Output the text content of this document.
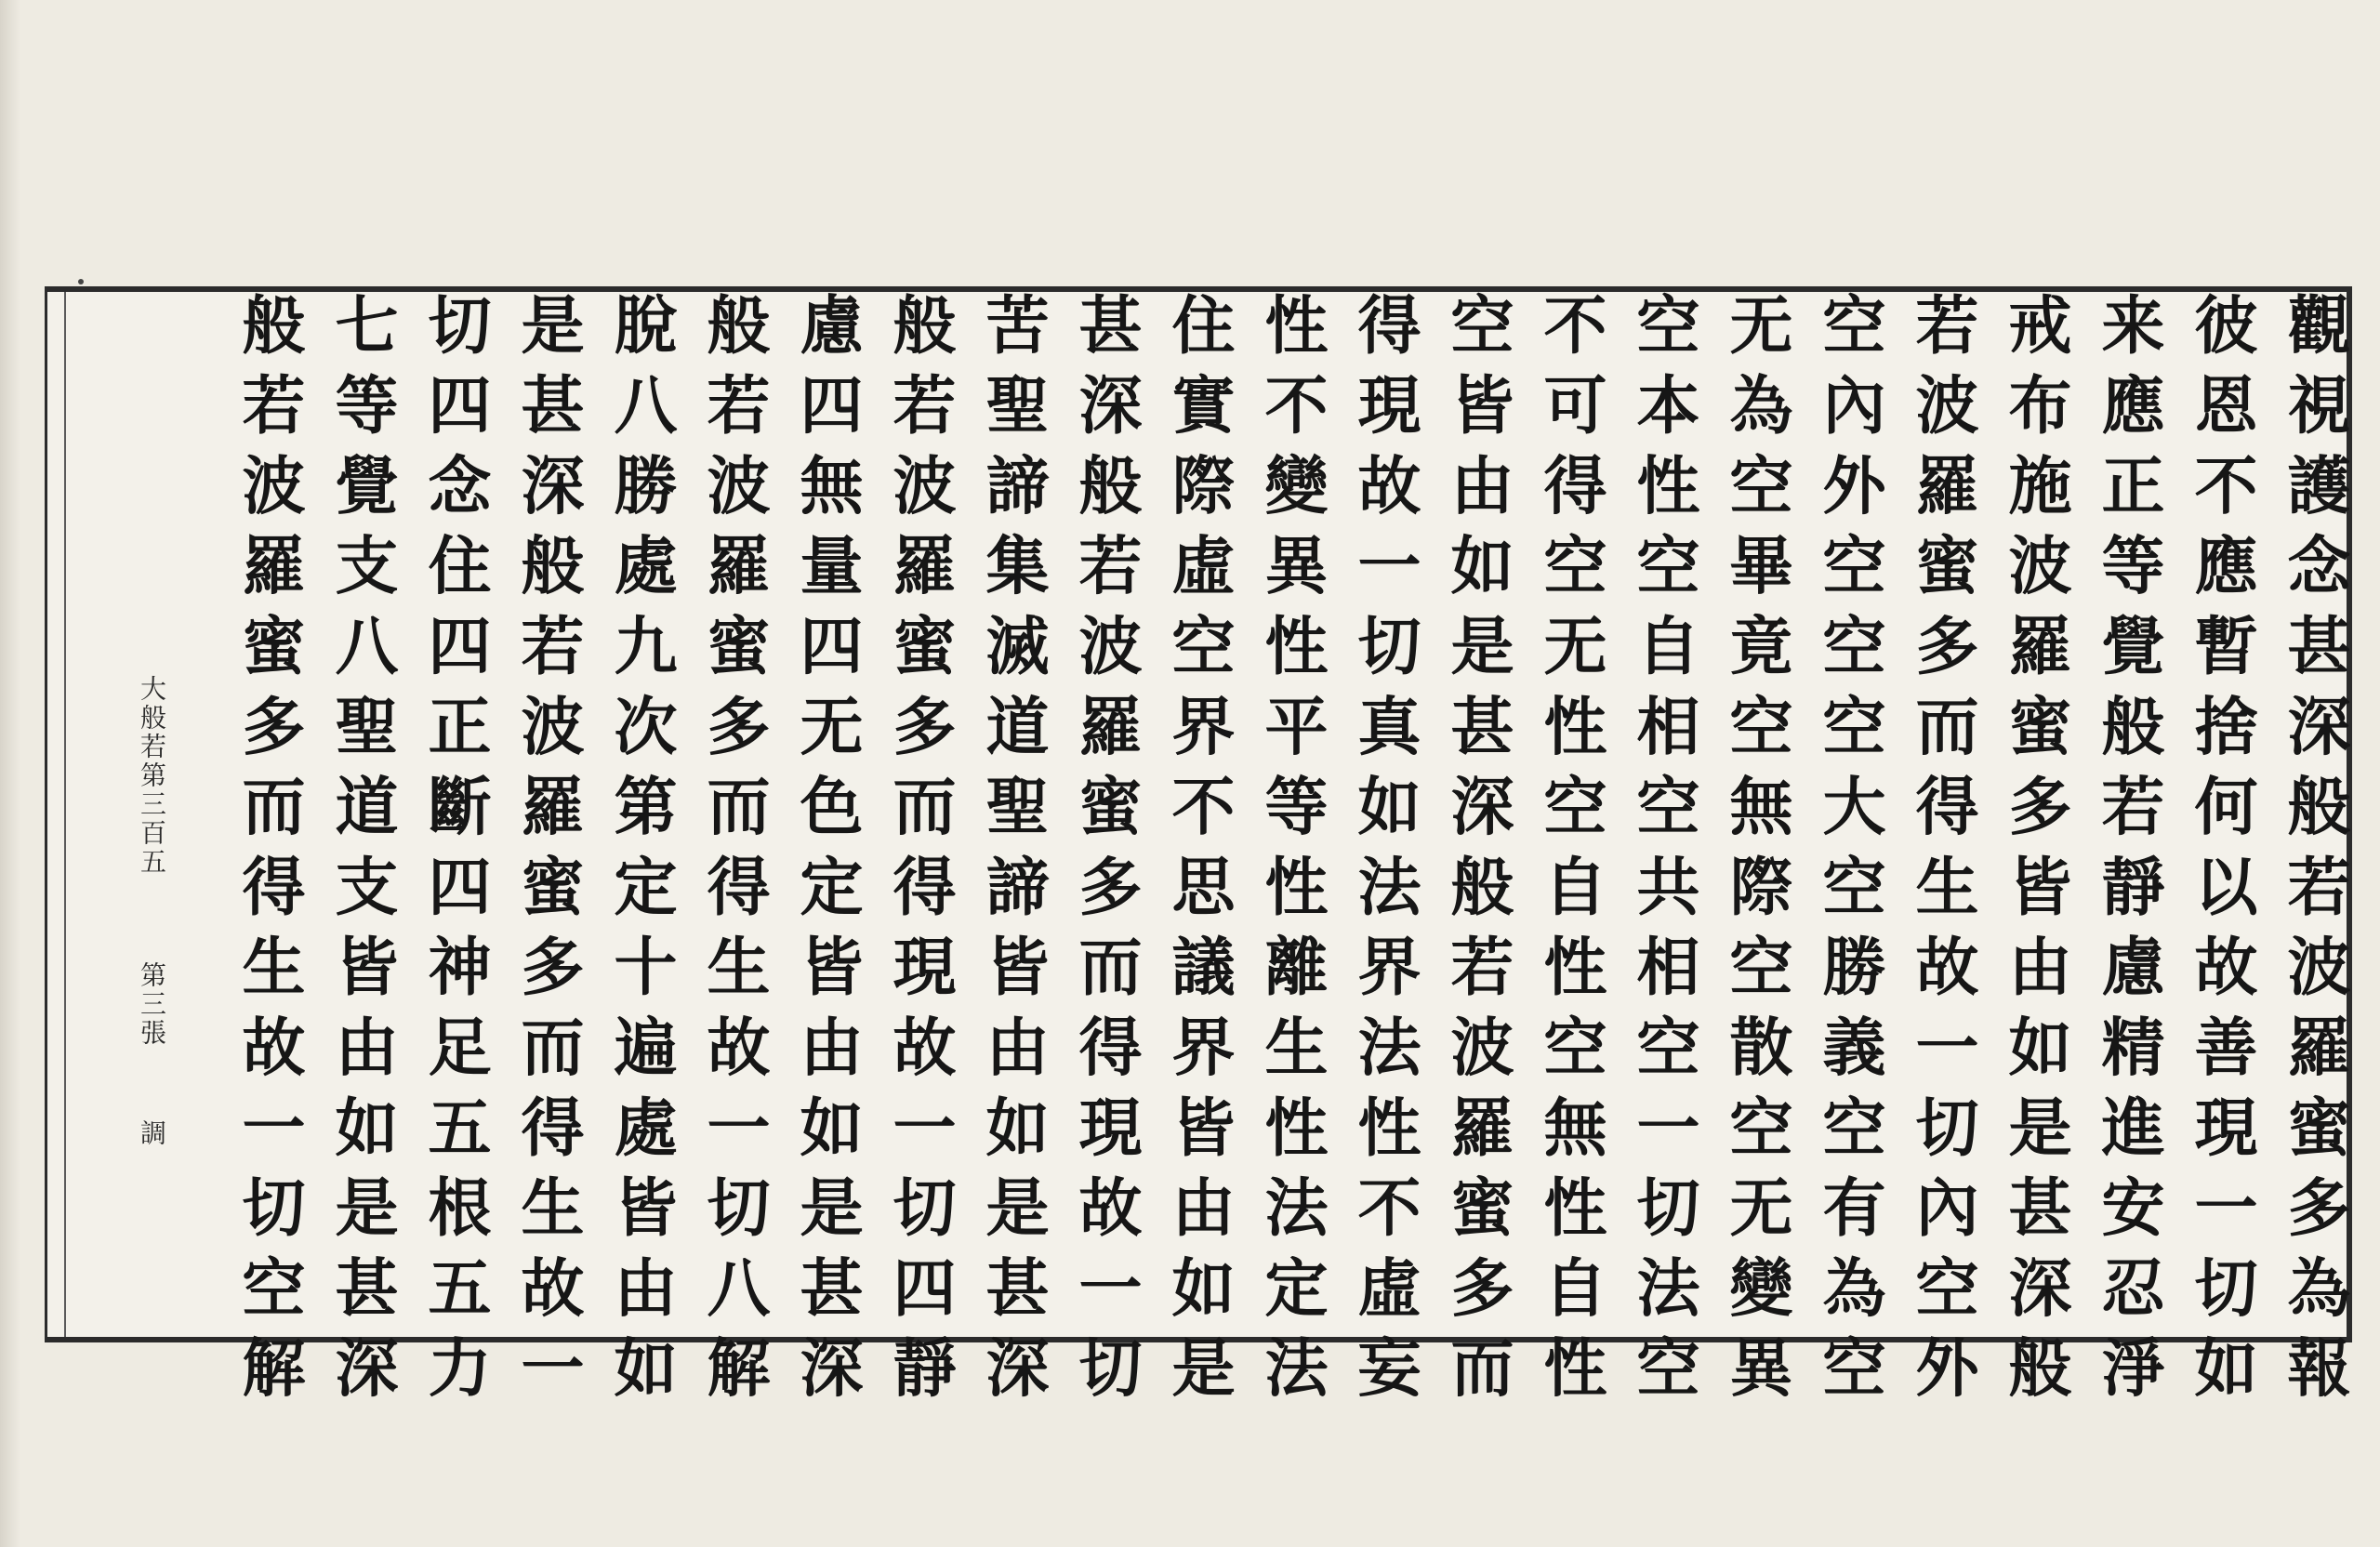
觀視護念甚深般若波羅蜜多為報
彼恩不應暫捨何以故善現一切如
来應正等覺般若靜慮精進安忍淨
戒布施波羅蜜多皆由如是甚深般
若波羅蜜多而得生故一切內空外
空內外空空空大空勝義空有為空
无為空畢竟空無際空散空无變異
空本性空自相空共相空一切法空
不可得空无性空自性空無性自性
空皆由如是甚深般若波羅蜜多而
得現故一切真如法界法性不虛妄
性不變異性平等性離生性法定法
住實際虛空界不思議界皆由如是
甚深般若波羅蜜多而得現故一切
苦聖諦集滅道聖諦皆由如是甚深
般若波羅蜜多而得現故一切四靜
慮四無量四无色定皆由如是甚深
般若波羅蜜多而得生故一切八解
脫八勝處九次第定十遍處皆由如
是甚深般若波羅蜜多而得生故一
切四念住四正斷四神足五根五力
七等覺支八聖道支皆由如是甚深
般若波羅蜜多而得生故一切空解
大般若第三百五
第三張
調
